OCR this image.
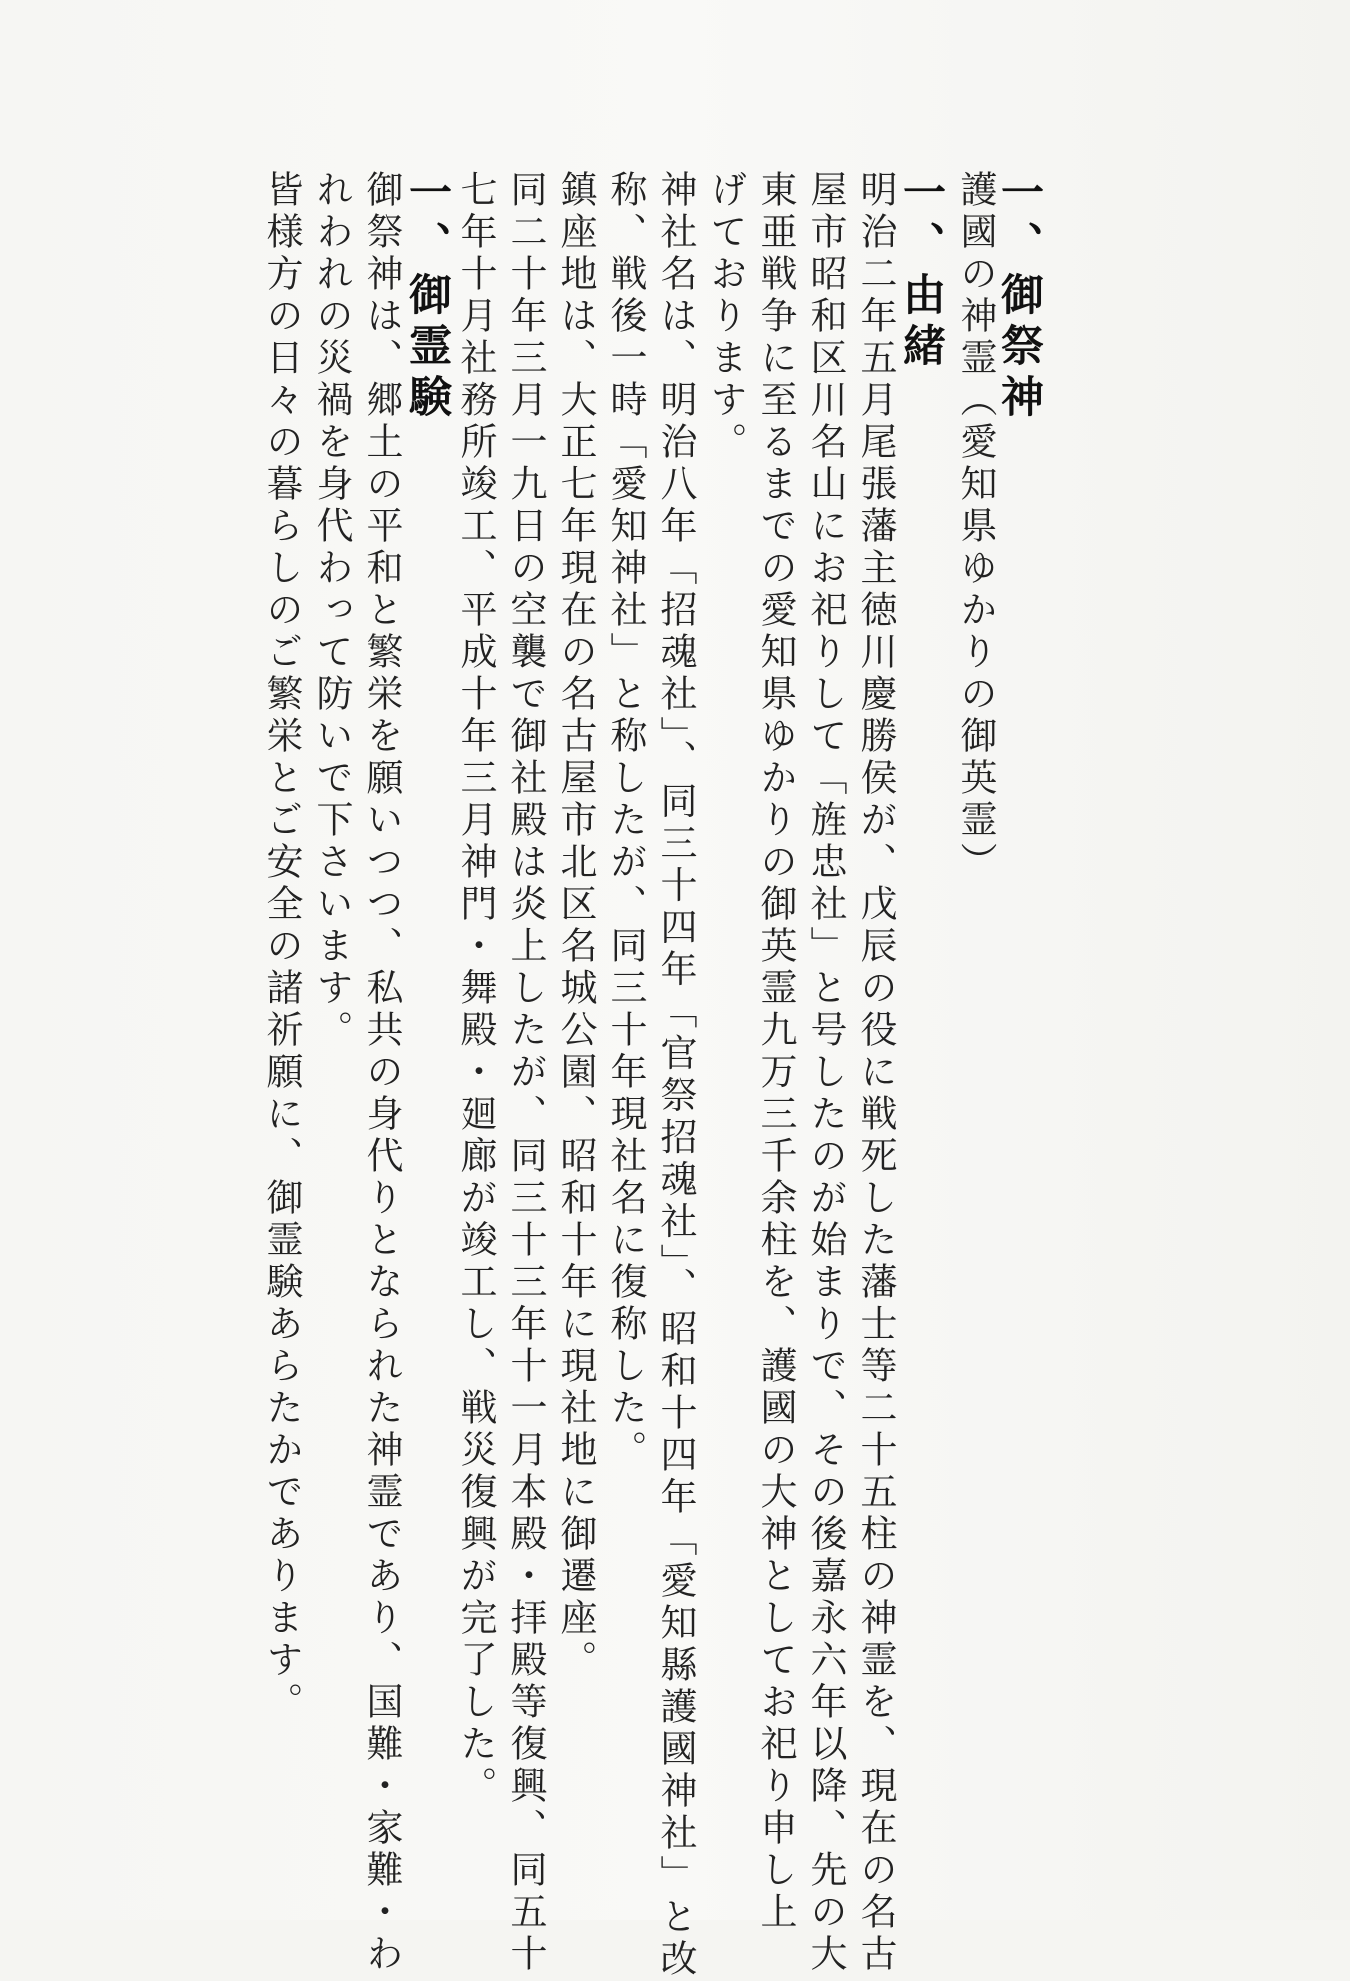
一、御祭神
護國の神霊（愛知県ゆかりの御英霊）
一、由緒
明治二年五月尾張藩主徳川慶勝侯が、戊辰の役に戦死した藩士等二十五柱の神霊を、現在の名古
屋市昭和区川名山にお祀りして「旌忠社」と号したのが始まりで、その後嘉永六年以降、先の大
東亜戦争に至るまでの愛知県ゆかりの御英霊九万三千余柱を、護國の大神としてお祀り申し上
げております。
神社名は、明治八年「招魂社」、同三十四年「官祭招魂社」、昭和十四年「愛知縣護國神社」と改
称、戦後一時「愛知神社」と称したが、同三十年現社名に復称した。
鎮座地は、大正七年現在の名古屋市北区名城公園、昭和十年に現社地に御遷座。
同二十年三月一九日の空襲で御社殿は炎上したが、同三十三年十一月本殿・拝殿等復興、同五十
七年十月社務所竣工、平成十年三月神門・舞殿・廻廊が竣工し、戦災復興が完了した。
一、御霊験
御祭神は、郷土の平和と繁栄を願いつつ、私共の身代りとなられた神霊であり、国難・家難・わ
れわれの災禍を身代わって防いで下さいます。
皆様方の日々の暮らしのご繁栄とご安全の諸祈願に、御霊験あらたかであります。
